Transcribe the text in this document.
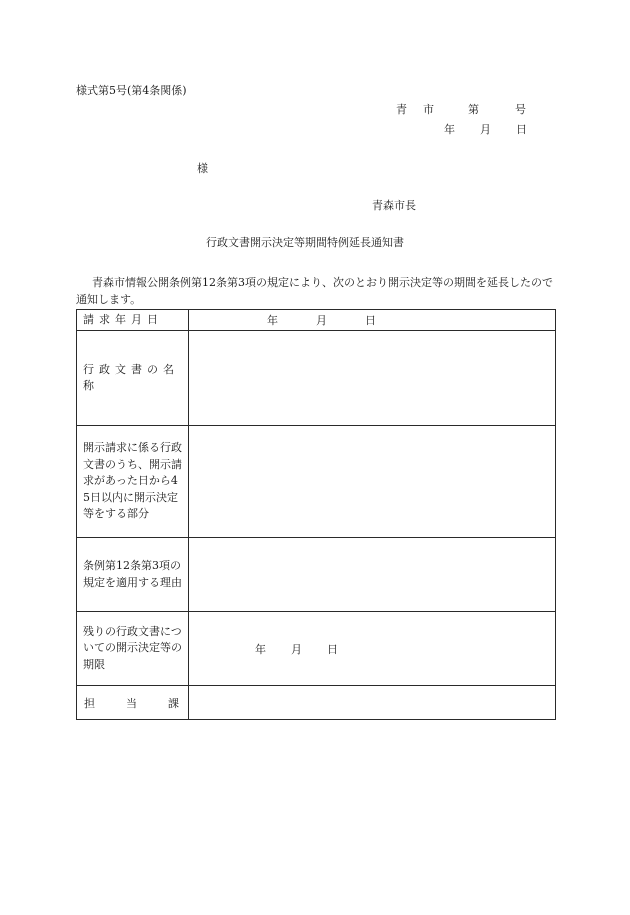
様式第5号(第4条関係)
青 市	第	号
年 月 日
様
青森市長
行政文書開示決定等期間特例延長通知書
青森市情報公開条例第12条第3項の規定により、次のとおり開示決定等の期間を延長したので通知します。
請求年月日	年 月 日
行政文書の名称	
開示請求に係る行政文書のうち、開示請求があった日から45日以内に開示決定等をする部分	
条例第12条第3項の規定を適用する理由	
残りの行政文書についての開示決定等の期限	年 月 日

担 当 課	
